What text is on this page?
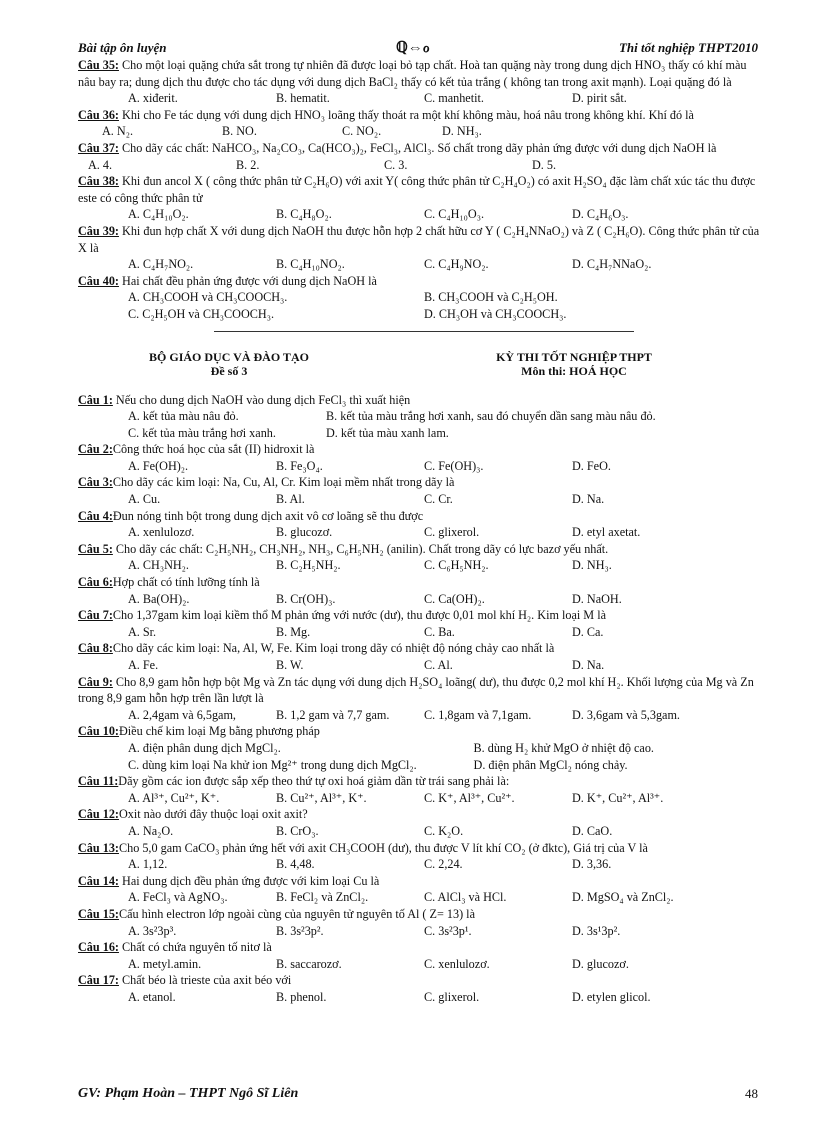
Bài tập ôn luyện	ℚ⇔ℴ	Thi tốt nghiệp THPT2010

Câu 35: Cho một loại quặng chứa sắt trong tự nhiên đã được loại bỏ tạp chất. Hoà tan quặng này trong dung dịch HNO₃ thấy có khí màu nâu bay ra; dung dịch thu được cho tác dụng với dung dịch BaCl₂ thấy có kết tủa trắng ( không tan trong axit mạnh). Loại quặng đó là

A. xiđerit.	B. hematit.	C. manhetit.	D. pirit sắt.

Câu 36: Khi cho Fe tác dụng với dung dịch HNO₃ loãng thấy thoát ra một khí không màu, hoá nâu trong không khí. Khí đó là A. N₂.	B. NO.	C. NO₂.	D. NH₃.

Câu 37: Cho dãy các chất: NaHCO₃, Na₂CO₃, Ca(HCO₃)₂, FeCl₃, AlCl₃. Số chất trong dãy phản ứng được với dung dịch NaOH là A. 4.	B. 2.	C. 3.	D. 5.

Câu 38: Khi đun ancol X ( công thức phân tử C₂H₆O) với axit Y( công thức phân tử C₂H₄O₂) có axit H₂SO₄ đặc làm chất xúc tác thu được este có công thức phân tử

A. C₄H₁₀O₂.	B. C₄H₈O₂.	C. C₄H₁₀O₃.	D. C₄H₆O₃.

Câu 39: Khi đun hợp chất X với dung dịch NaOH thu được hỗn hợp 2 chất hữu cơ Y ( C₂H₄NNaO₂) và Z ( C₂H₆O). Công thức phân tử của X là

A. C₄H₇NO₂.	B. C₄H₁₀NO₂.	C. C₄H₉NO₂.	D. C₄H₇NNaO₂.

Câu 40: Hai chất đều phản ứng được với dung dịch NaOH là

A. CH₃COOH và CH₃COOCH₃.	B. CH₃COOH và C₂H₅OH.
C. C₂H₅OH và CH₃COOCH₃.	D. CH₃OH và CH₃COOCH₃.
BỘ GIÁO DỤC VÀ ĐÀO TẠO
Đề số 3
KỲ THI TỐT NGHIỆP THPT
Môn thi: HOÁ HỌC

Câu 1: Nếu cho dung dịch NaOH vào dung dịch FeCl₃ thì xuất hiện

A. kết tủa màu nâu đỏ.	B. kết tủa màu trắng hơi xanh, sau đó chuyển dần sang màu nâu đỏ.
C. kết tủa màu trắng hơi xanh.	D. kết tủa màu xanh lam.

Câu 2:Công thức hoá học của sắt (II) hidroxit là

A. Fe(OH)₂.	B. Fe₃O₄.	C. Fe(OH)₃.	D. FeO.

Câu 3:Cho dãy các kim loại: Na, Cu, Al, Cr. Kim loại mềm nhất trong dãy là

A. Cu.	B. Al.	C. Cr.	D. Na.

Câu 4:Đun nóng tinh bột trong dung dịch axit vô cơ loãng sẽ thu được

A. xenlulozơ.	B. glucozơ.	C. glixerol.	D. etyl axetat.

Câu 5: Cho dãy các chất: C₂H₅NH₂, CH₃NH₂, NH₃, C₆H₅NH₂ (anilin). Chất trong dãy có lực bazơ yếu nhất.

A. CH₃NH₂.	B. C₂H₅NH₂.	C. C₆H₅NH₂.	D. NH₃.

Câu 6:Hợp chất có tính lưỡng tính là

A. Ba(OH)₂.	B. Cr(OH)₃.	C. Ca(OH)₂.	D. NaOH.

Câu 7:Cho 1,37gam kim loại kiềm thổ M phản ứng với nước (dư), thu được 0,01 mol khí H₂. Kim loại M là

A. Sr.	B. Mg.	C. Ba.	D. Ca.

Câu 8:Cho dãy các kim loại: Na, Al, W, Fe. Kim loại trong dãy có nhiệt độ nóng chảy cao nhất là

A. Fe.	B. W.	C. Al.	D. Na.

Câu 9: Cho 8,9 gam hỗn hợp bột Mg và Zn tác dụng với dung dịch H₂SO₄ loãng( dư), thu được 0,2 mol khí H₂. Khối lượng của Mg và Zn trong 8,9 gam hỗn hợp trên lần lượt là

A. 2,4gam và 6,5gam,	B. 1,2 gam và 7,7 gam.	C. 1,8gam và 7,1gam.	D. 3,6gam và 5,3gam.

Câu 10:Điều chế kim loại Mg bằng phương pháp

A. điện phân dung dịch MgCl₂.	B. dùng H₂ khử MgO ở nhiệt độ cao.
C. dùng kim loại Na khử ion Mg²⁺ trong dung dịch MgCl₂.	D. điện phân MgCl₂ nóng chảy.

Câu 11:Dãy gồm các ion được sắp xếp theo thứ tự oxi hoá giảm dần từ trái sang phải là:

A. Al³⁺, Cu²⁺, K⁺.	B. Cu²⁺, Al³⁺, K⁺.	C. K⁺, Al³⁺, Cu²⁺.	D. K⁺, Cu²⁺, Al³⁺.

Câu 12:Oxit nào dưới đây thuộc loại oxit axit?

A. Na₂O.	B. CrO₃.	C. K₂O.	D. CaO.

Câu 13:Cho 5,0 gam CaCO₃ phản ứng hết với axit CH₃COOH (dư), thu được V lít khí CO₂ (ở đktc), Giá trị của V là

A. 1,12.	B. 4,48.	C. 2,24.	D. 3,36.

Câu 14: Hai dung dịch đều phản ứng được với kim loại Cu là

A. FeCl₃ và AgNO₃.	B. FeCl₂ và ZnCl₂.	C. AlCl₃ và HCl.	D. MgSO₄ và ZnCl₂.

Câu 15:Cấu hình electron lớp ngoài cùng của nguyên tử nguyên tố Al ( Z= 13) là

A. 3s²3p³.	B. 3s²3p².	C. 3s²3p¹.	D. 3s¹3p².

Câu 16: Chất có chứa nguyên tố nitơ là

A. metyl.amin.	B. saccarozơ.	C. xenlulozơ.	D. glucozơ.

Câu 17: Chất béo là trieste của axit béo với

A. etanol.	B. phenol.	C. glixerol.	D. etylen glicol.
GV: Phạm Hoàn – THPT Ngô Sĩ Liên	48
